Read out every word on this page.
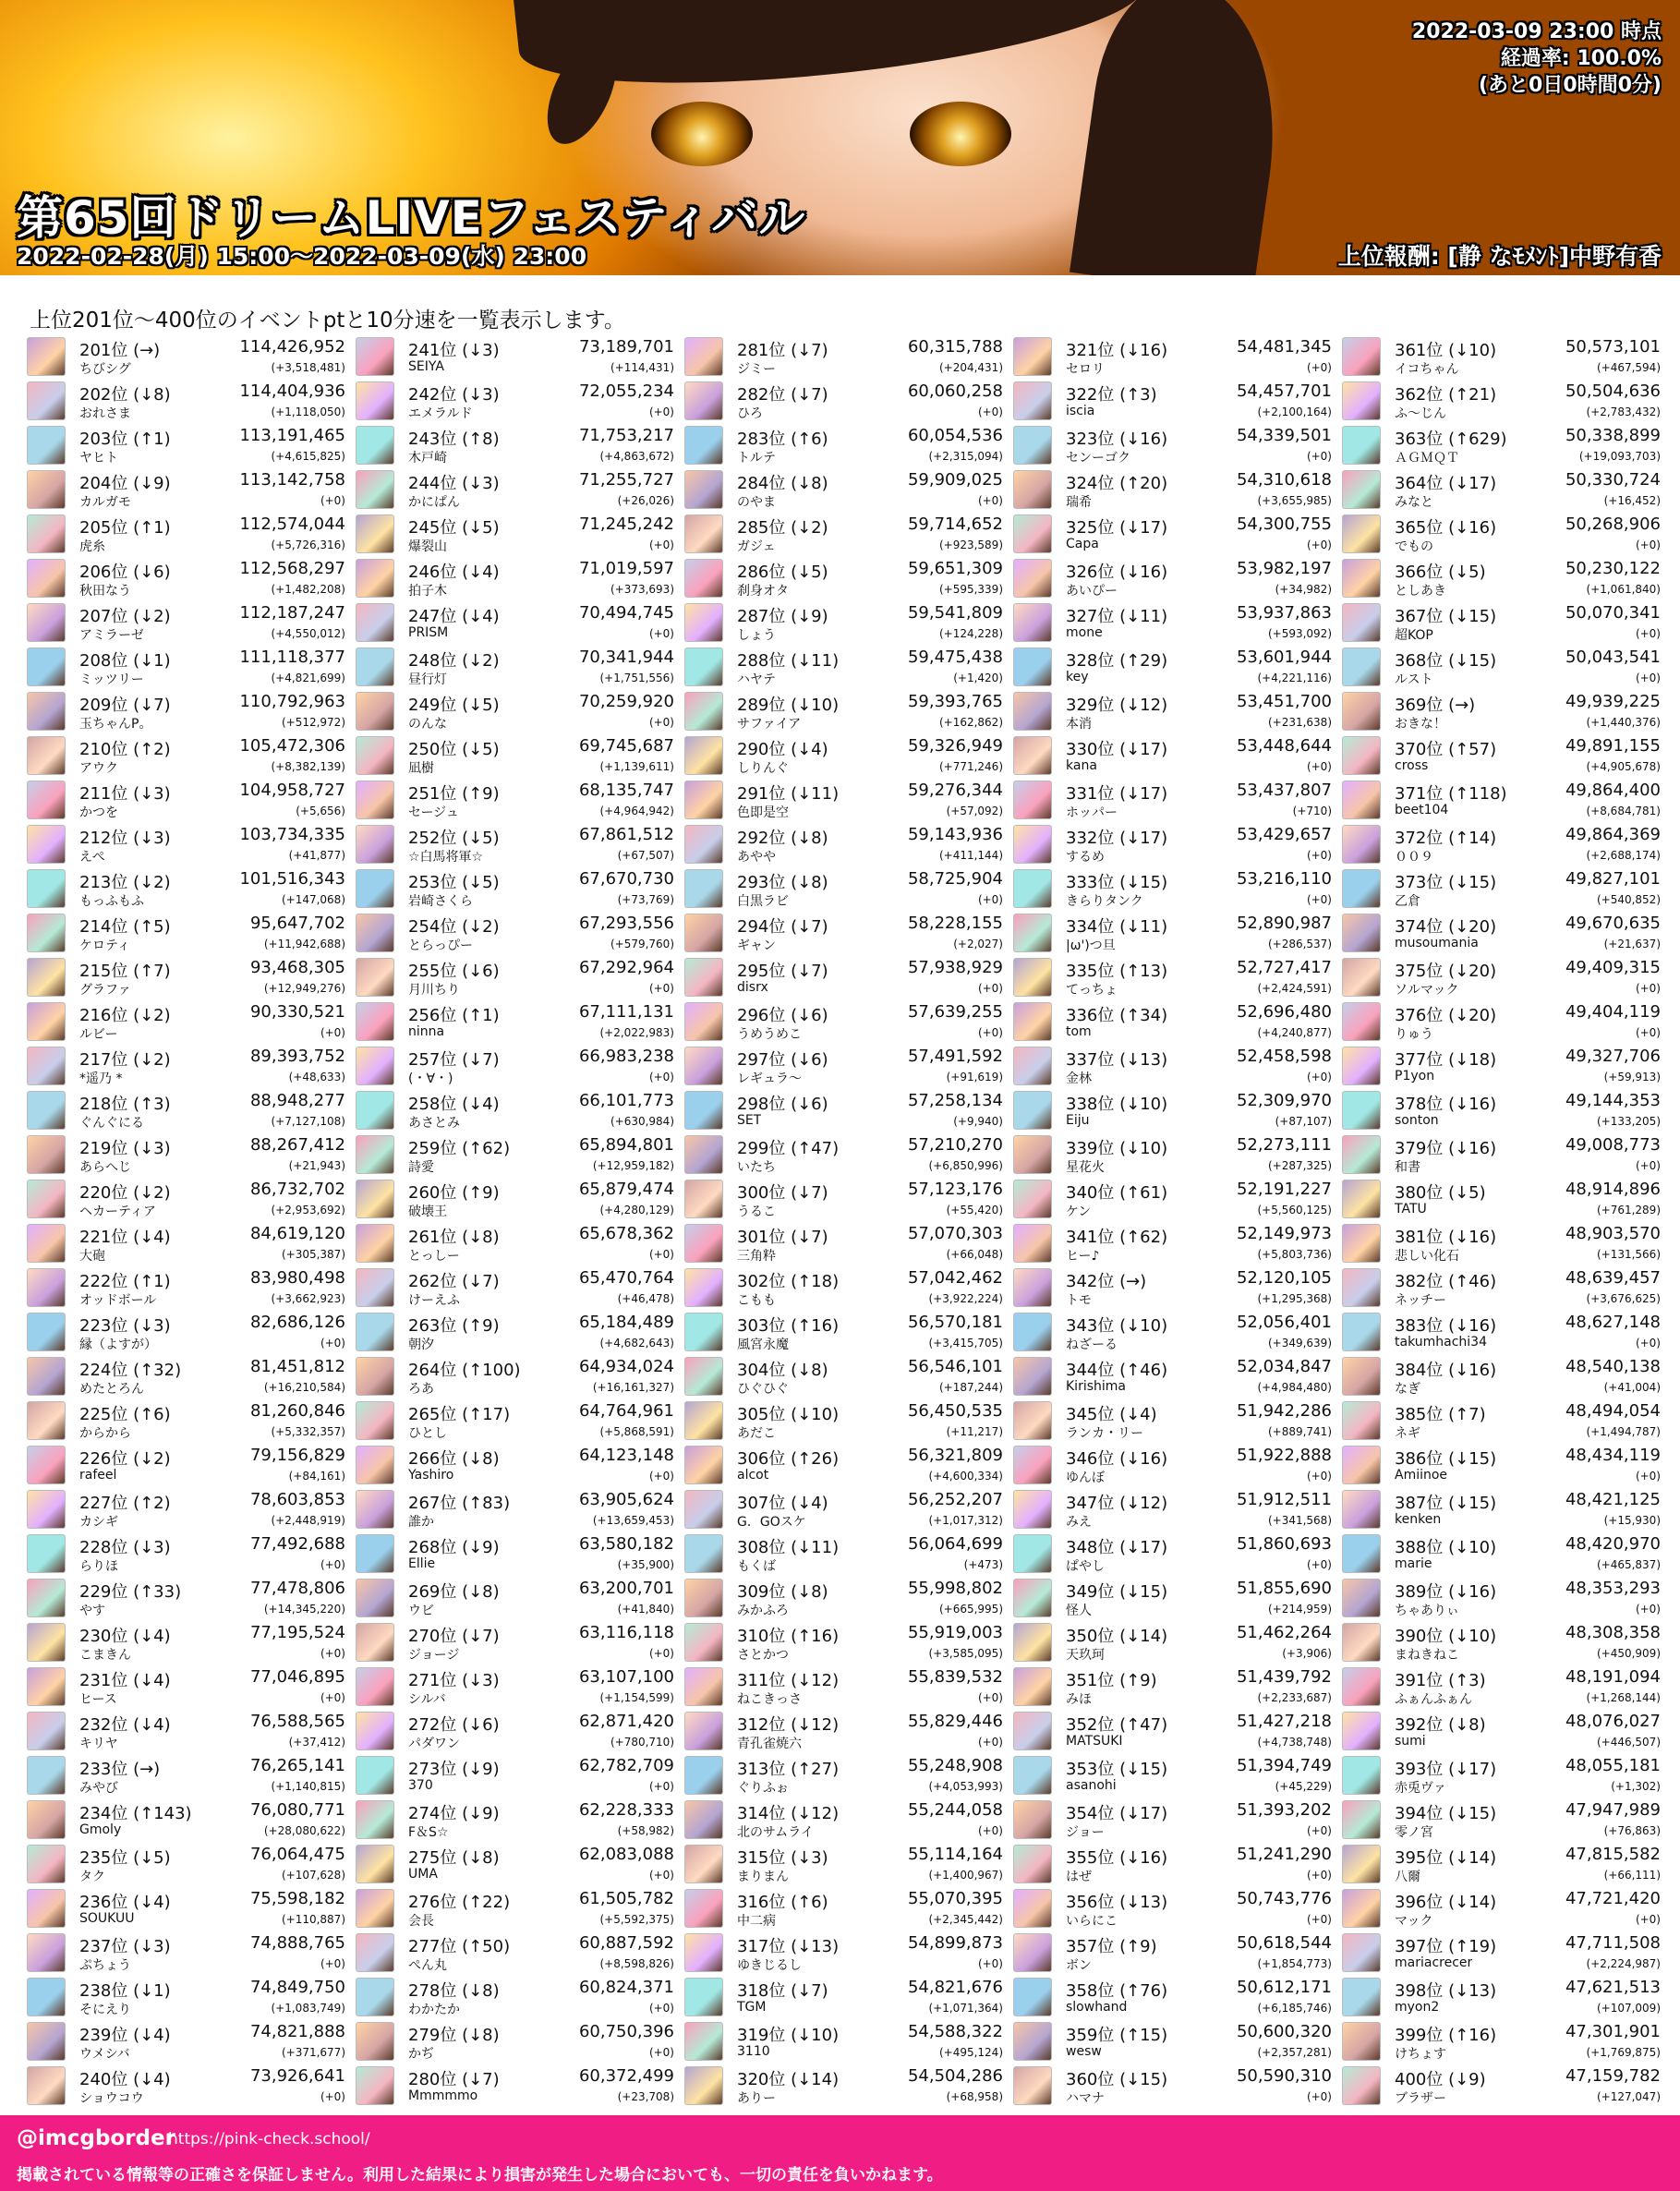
2022-03-09 23:00 時点
経過率: 100.0%
(あと0日0時間0分)
第65回ドリームLIVEフェスティバル
2022-02-28(月) 15:00〜2022-03-09(水) 23:00	上位報酬: [静 なﾓﾒﾝﾄ]中野有香
上位201位〜400位のイベントptと10分速を一覧表示します。
201位 (→)	114,426,952
ちびシグ	(+3,518,481)
202位 (↓8)	114,404,936
おれさま	(+1,118,050)
203位 (↑1)	113,191,465
ヤヒト	(+4,615,825)
204位 (↓9)	113,142,758
カルガモ	(+0)
205位 (↑1)	112,574,044
虎糸	(+5,726,316)
206位 (↓6)	112,568,297
秋田なう	(+1,482,208)
207位 (↓2)	112,187,247
アミラーゼ	(+4,550,012)
208位 (↓1)	111,118,377
ミッツリー	(+4,821,699)
209位 (↓7)	110,792,963
玉ちゃんP。	(+512,972)
210位 (↑2)	105,472,306
アウク	(+8,382,139)
211位 (↓3)	104,958,727
かつを	(+5,656)
212位 (↓3)	103,734,335
えぺ	(+41,877)
213位 (↓2)	101,516,343
もっふもふ	(+147,068)
214位 (↑5)	95,647,702
ケロティ	(+11,942,688)
215位 (↑7)	93,468,305
グラファ	(+12,949,276)
216位 (↓2)	90,330,521
ルビー	(+0)
217位 (↓2)	89,393,752
*遥乃 *	(+48,633)
218位 (↑3)	88,948,277
ぐんぐにる	(+7,127,108)
219位 (↓3)	88,267,412
あらへじ	(+21,943)
220位 (↓2)	86,732,702
ヘカーティア	(+2,953,692)
221位 (↓4)	84,619,120
大砲	(+305,387)
222位 (↑1)	83,980,498
オッドボール	(+3,662,923)
223位 (↓3)	82,686,126
縁（よすが）	(+0)
224位 (↑32)	81,451,812
めたとろん	(+16,210,584)
225位 (↑6)	81,260,846
からから	(+5,332,357)
226位 (↓2)	79,156,829
rafeel	(+84,161)
227位 (↑2)	78,603,853
カシギ	(+2,448,919)
228位 (↓3)	77,492,688
らりほ	(+0)
229位 (↑33)	77,478,806
やす	(+14,345,220)
230位 (↓4)	77,195,524
こまきん	(+0)
231位 (↓4)	77,046,895
ヒース	(+0)
232位 (↓4)	76,588,565
キリヤ	(+37,412)
233位 (→)	76,265,141
みやび	(+1,140,815)
234位 (↑143)	76,080,771
Gmoly	(+28,080,622)
235位 (↓5)	76,064,475
タク	(+107,628)
236位 (↓4)	75,598,182
SOUKUU	(+110,887)
237位 (↓3)	74,888,765
ぷちょう	(+0)
238位 (↓1)	74,849,750
そにえり	(+1,083,749)
239位 (↓4)	74,821,888
ウメシバ	(+371,677)
240位 (↓4)	73,926,641
ショウコウ	(+0)
241位 (↓3)	73,189,701
SEIYA	(+114,431)
242位 (↓3)	72,055,234
エメラルド	(+0)
243位 (↑8)	71,753,217
木戸崎	(+4,863,672)
244位 (↓3)	71,255,727
かにぱん	(+26,026)
245位 (↓5)	71,245,242
爆裂山	(+0)
246位 (↓4)	71,019,597
拍子木	(+373,693)
247位 (↓4)	70,494,745
PRISM	(+0)
248位 (↓2)	70,341,944
昼行灯	(+1,751,556)
249位 (↓5)	70,259,920
のんな	(+0)
250位 (↓5)	69,745,687
凪樹	(+1,139,611)
251位 (↑9)	68,135,747
セージュ	(+4,964,942)
252位 (↓5)	67,861,512
☆白馬将軍☆	(+67,507)
253位 (↓5)	67,670,730
岩崎さくら	(+73,769)
254位 (↓2)	67,293,556
とらっぴー	(+579,760)
255位 (↓6)	67,292,964
月川ちり	(+0)
256位 (↑1)	67,111,131
ninna	(+2,022,983)
257位 (↓7)	66,983,238
(・∀・)	(+0)
258位 (↓4)	66,101,773
あさとみ	(+630,984)
259位 (↑62)	65,894,801
詩愛	(+12,959,182)
260位 (↑9)	65,879,474
破壊王	(+4,280,129)
261位 (↓8)	65,678,362
とっしー	(+0)
262位 (↓7)	65,470,764
けーえふ	(+46,478)
263位 (↑9)	65,184,489
朝汐	(+4,682,643)
264位 (↑100)	64,934,024
ろあ	(+16,161,327)
265位 (↑17)	64,764,961
ひとし	(+5,868,591)
266位 (↓8)	64,123,148
Yashiro	(+0)
267位 (↑83)	63,905,624
誰か	(+13,659,453)
268位 (↓9)	63,580,182
Ellie	(+35,900)
269位 (↓8)	63,200,701
ウビ	(+41,840)
270位 (↓7)	63,116,118
ジョージ	(+0)
271位 (↓3)	63,107,100
シルバ	(+1,154,599)
272位 (↓6)	62,871,420
パダワン	(+780,710)
273位 (↓9)	62,782,709
370	(+0)
274位 (↓9)	62,228,333
F＆S☆	(+58,982)
275位 (↓8)	62,083,088
UMA	(+0)
276位 (↑22)	61,505,782
会長	(+5,592,375)
277位 (↑50)	60,887,592
ぺん丸	(+8,598,826)
278位 (↓8)	60,824,371
わかたか	(+0)
279位 (↓8)	60,750,396
かぢ	(+0)
280位 (↓7)	60,372,499
Mmmmmo	(+23,708)
281位 (↓7)	60,315,788
ジミー	(+204,431)
282位 (↓7)	60,060,258
ひろ	(+0)
283位 (↑6)	60,054,536
トルテ	(+2,315,094)
284位 (↓8)	59,909,025
のやま	(+0)
285位 (↓2)	59,714,652
ガジェ	(+923,589)
286位 (↓5)	59,651,309
刹身オタ	(+595,339)
287位 (↓9)	59,541,809
しょう	(+124,228)
288位 (↓11)	59,475,438
ハヤテ	(+1,420)
289位 (↓10)	59,393,765
サファイア	(+162,862)
290位 (↓4)	59,326,949
しりんぐ	(+771,246)
291位 (↓11)	59,276,344
色即是空	(+57,092)
292位 (↓8)	59,143,936
あやや	(+411,144)
293位 (↓8)	58,725,904
白黒ラビ	(+0)
294位 (↓7)	58,228,155
ギャン	(+2,027)
295位 (↓7)	57,938,929
disrx	(+0)
296位 (↓6)	57,639,255
うめうめこ	(+0)
297位 (↓6)	57,491,592
レギュラ〜	(+91,619)
298位 (↓6)	57,258,134
SET	(+9,940)
299位 (↑47)	57,210,270
いたち	(+6,850,996)
300位 (↓7)	57,123,176
うるこ	(+55,420)
301位 (↓7)	57,070,303
三角粋	(+66,048)
302位 (↑18)	57,042,462
こもも	(+3,922,224)
303位 (↑16)	56,570,181
風宮永魔	(+3,415,705)
304位 (↓8)	56,546,101
ひぐひぐ	(+187,244)
305位 (↓10)	56,450,535
あだこ	(+11,217)
306位 (↑26)	56,321,809
alcot	(+4,600,334)
307位 (↓4)	56,252,207
G．GOスケ	(+1,017,312)
308位 (↓11)	56,064,699
もくば	(+473)
309位 (↓8)	55,998,802
みかふろ	(+665,995)
310位 (↑16)	55,919,003
さとかつ	(+3,585,095)
311位 (↓12)	55,839,532
ねこきっさ	(+0)
312位 (↓12)	55,829,446
青孔雀焼六	(+0)
313位 (↑27)	55,248,908
ぐりふぉ	(+4,053,993)
314位 (↓12)	55,244,058
北のサムライ	(+0)
315位 (↓3)	55,114,164
まりまん	(+1,400,967)
316位 (↑6)	55,070,395
中二病	(+2,345,442)
317位 (↓13)	54,899,873
ゆきじるし	(+0)
318位 (↓7)	54,821,676
TGM	(+1,071,364)
319位 (↓10)	54,588,322
3110	(+495,124)
320位 (↓14)	54,504,286
ありー	(+68,958)
321位 (↓16)	54,481,345
セロリ	(+0)
322位 (↑3)	54,457,701
iscia	(+2,100,164)
323位 (↓16)	54,339,501
センーゴク	(+0)
324位 (↑20)	54,310,618
瑞希	(+3,655,985)
325位 (↓17)	54,300,755
Capa	(+0)
326位 (↓16)	53,982,197
あいぴー	(+34,982)
327位 (↓11)	53,937,863
mone	(+593,092)
328位 (↑29)	53,601,944
key	(+4,221,116)
329位 (↓12)	53,451,700
本消	(+231,638)
330位 (↓17)	53,448,644
kana	(+0)
331位 (↓17)	53,437,807
ホッパー	(+710)
332位 (↓17)	53,429,657
するめ	(+0)
333位 (↓15)	53,216,110
きらりタンク	(+0)
334位 (↓11)	52,890,987
|ω')つ旦	(+286,537)
335位 (↑13)	52,727,417
てっちょ	(+2,424,591)
336位 (↑34)	52,696,480
tom	(+4,240,877)
337位 (↓13)	52,458,598
金林	(+0)
338位 (↓10)	52,309,970
Eiju	(+87,107)
339位 (↓10)	52,273,111
星花火	(+287,325)
340位 (↑61)	52,191,227
ケン	(+5,560,125)
341位 (↑62)	52,149,973
ヒー♪	(+5,803,736)
342位 (→)	52,120,105
トモ	(+1,295,368)
343位 (↓10)	52,056,401
ねざーる	(+349,639)
344位 (↑46)	52,034,847
Kirishima	(+4,984,480)
345位 (↓4)	51,942,286
ランカ・リー	(+889,741)
346位 (↓16)	51,922,888
ゆんぼ	(+0)
347位 (↓12)	51,912,511
みえ	(+341,568)
348位 (↓17)	51,860,693
ぱやし	(+0)
349位 (↓15)	51,855,690
怪人	(+214,959)
350位 (↓14)	51,462,264
天玖珂	(+3,906)
351位 (↑9)	51,439,792
みほ	(+2,233,687)
352位 (↑47)	51,427,218
MATSUKI	(+4,738,748)
353位 (↓15)	51,394,749
asanohi	(+45,229)
354位 (↓17)	51,393,202
ジョー	(+0)
355位 (↓16)	51,241,290
はぜ	(+0)
356位 (↓13)	50,743,776
いらにこ	(+0)
357位 (↑9)	50,618,544
ボン	(+1,854,773)
358位 (↑76)	50,612,171
slowhand	(+6,185,746)
359位 (↑15)	50,600,320
wesw	(+2,357,281)
360位 (↓15)	50,590,310
ハマナ	(+0)
361位 (↓10)	50,573,101
イコちゃん	(+467,594)
362位 (↑21)	50,504,636
ふ〜じん	(+2,783,432)
363位 (↑629)	50,338,899
ＡＧＭＱＴ	(+19,093,703)
364位 (↓17)	50,330,724
みなと	(+16,452)
365位 (↓16)	50,268,906
でもの	(+0)
366位 (↓5)	50,230,122
としあき	(+1,061,840)
367位 (↓15)	50,070,341
超KOP	(+0)
368位 (↓15)	50,043,541
ルスト	(+0)
369位 (→)	49,939,225
おきな！	(+1,440,376)
370位 (↑57)	49,891,155
cross	(+4,905,678)
371位 (↑118)	49,864,400
beet104	(+8,684,781)
372位 (↑14)	49,864,369
００９	(+2,688,174)
373位 (↓15)	49,827,101
乙倉	(+540,852)
374位 (↓20)	49,670,635
musoumania	(+21,637)
375位 (↓20)	49,409,315
ソルマック	(+0)
376位 (↓20)	49,404,119
りゅう	(+0)
377位 (↓18)	49,327,706
P1yon	(+59,913)
378位 (↓16)	49,144,353
sonton	(+133,205)
379位 (↓16)	49,008,773
和書	(+0)
380位 (↓5)	48,914,896
TATU	(+761,289)
381位 (↓16)	48,903,570
悲しい化石	(+131,566)
382位 (↑46)	48,639,457
ネッチー	(+3,676,625)
383位 (↓16)	48,627,148
takumhachi34	(+0)
384位 (↓16)	48,540,138
なぎ	(+41,004)
385位 (↑7)	48,494,054
ネギ	(+1,494,787)
386位 (↓15)	48,434,119
Amiinoe	(+0)
387位 (↓15)	48,421,125
kenken	(+15,930)
388位 (↓10)	48,420,970
marie	(+465,837)
389位 (↓16)	48,353,293
ちゃありぃ	(+0)
390位 (↓10)	48,308,358
まねきねこ	(+450,909)
391位 (↑3)	48,191,094
ふぁんふぁん	(+1,268,144)
392位 (↓8)	48,076,027
sumi	(+446,507)
393位 (↓17)	48,055,181
赤兎ヴァ	(+1,302)
394位 (↓15)	47,947,989
零ノ宮	(+76,863)
395位 (↓14)	47,815,582
八爾	(+66,111)
396位 (↓14)	47,721,420
マック	(+0)
397位 (↑19)	47,711,508
mariacrecer	(+2,224,987)
398位 (↓13)	47,621,513
myon2	(+107,009)
399位 (↑16)	47,301,901
けちょす	(+1,769,875)
400位 (↓9)	47,159,782
ブラザー	(+127,047)
@imcgborder
https://pink-check.school/
掲載されている情報等の正確さを保証しません。利用した結果により損害が発生した場合においても、一切の責任を負いかねます。
